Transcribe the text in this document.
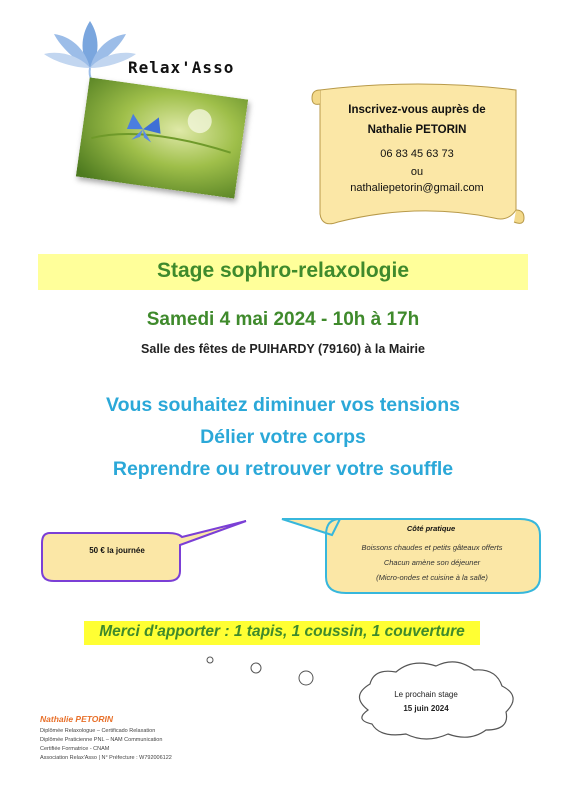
Relax'Asso
Inscrivez-vous auprès de
Nathalie PETORIN
06 83 45 63 73
ou
nathaliepetorin@gmail.com
Stage sophro-relaxologie
Samedi 4 mai 2024 - 10h à 17h
Salle des fêtes de PUIHARDY (79160) à la Mairie
Vous souhaitez diminuer vos tensions
Délier votre corps
Reprendre ou retrouver votre souffle
50 € la journée
Côté pratique
Boissons chaudes et petits gâteaux offerts
Chacun amène son déjeuner
(Micro-ondes et cuisine à la salle)
Merci d'apporter : 1 tapis, 1 coussin, 1 couverture
Le prochain stage
15 juin 2024
Nathalie PETORIN
Diplômée Relaxologue – Certificado Relaxation
Diplômée Praticienne PNL – NAM Communication
Certifiée Formatrice - CNAM
Association Relax'Asso | N° Préfecture : W792006122
